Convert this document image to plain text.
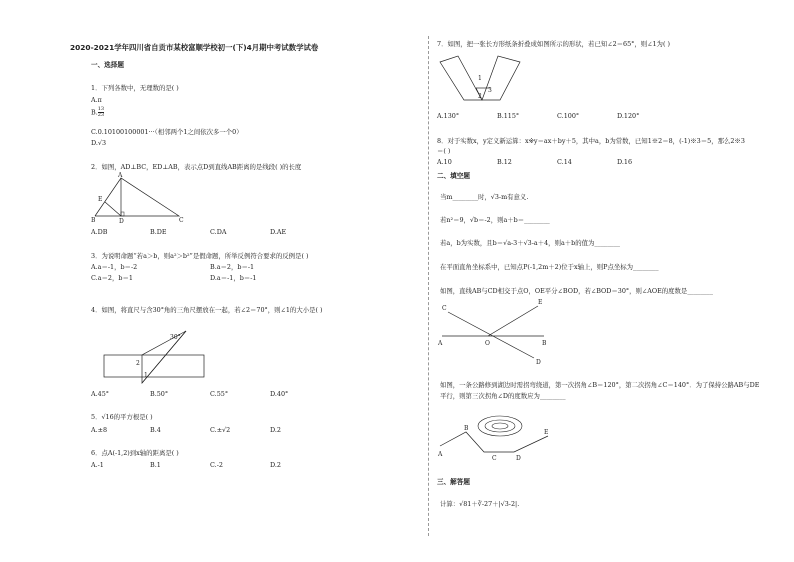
2020-2021学年四川省自贡市某校富顺学校初一(下)4月期中考试数学试卷
一、选择题
1．下列各数中，无理数的是( )
A.π
B. $\frac{13}{23}$
C.0.10100100001···（相邻两个1之间依次多一个0）
D.√3
2．如图，AD⊥BC，ED⊥AB，表示点D到直线AB距离的是线段( )的长度
E
A
B	D	C
A.DB	B.DE	C.DA	D.AE
3．为说明命题“若a＞b，则a²＞b²”是假命题，所举反例符合要求的反例是( )
A.a＝-1，b＝-2	B.a＝2，b＝-1
C.a＝2，b＝1	D.a＝-1，b＝-1
4．如图，将直尺与含30°角的三角尺摆放在一起，若∠2＝70°，则∠1的大小是( )
30°
2
1
A.45°	B.50°	C.55°	D.40°
5．√16的平方根是( )
A.±8	B.4	C.±√2	D.2
6．点A(-1,2)到x轴的距离是( )
A.-1	B.1	C.-2	D.2
7．如图，把一张长方形纸条折叠成如图所示的形状，若已知∠2＝65°，则∠1为( )
1
2
3
A.130°	B.115°	C.100°	D.120°
8．对于实数x，y定义新运算：x※y＝ax＋by＋5，其中a，b为常数，已知1※2＝8，(-1)※3＝5，那么2※3
＝( )
A.10	B.12	C.14	D.16
二、填空题
当m________时，√3-m有意义.
若n²＝9，√b＝-2，则a＋b＝________
若a，b为实数，且b＝√a-3＋√3-a＋4，则a＋b的值为________
在平面直角坐标系中，已知点P(-1,2m＋2)位于x轴上，则P点坐标为________
如图，直线AB与CD相交于点O，OE平分∠BOD，若∠BOD＝30°，则∠AOE的度数是________
C
E
A	O	B
D
如图，一条公路修到湖边时需拐弯绕道，第一次拐角∠B＝120°，第二次拐角∠C＝140°．为了保持公路AB与DE
平行，则第三次拐角∠D的度数应为________
A
B
C	D
E
三、解答题
计算：√81＋∛-27＋|√3-2|.
